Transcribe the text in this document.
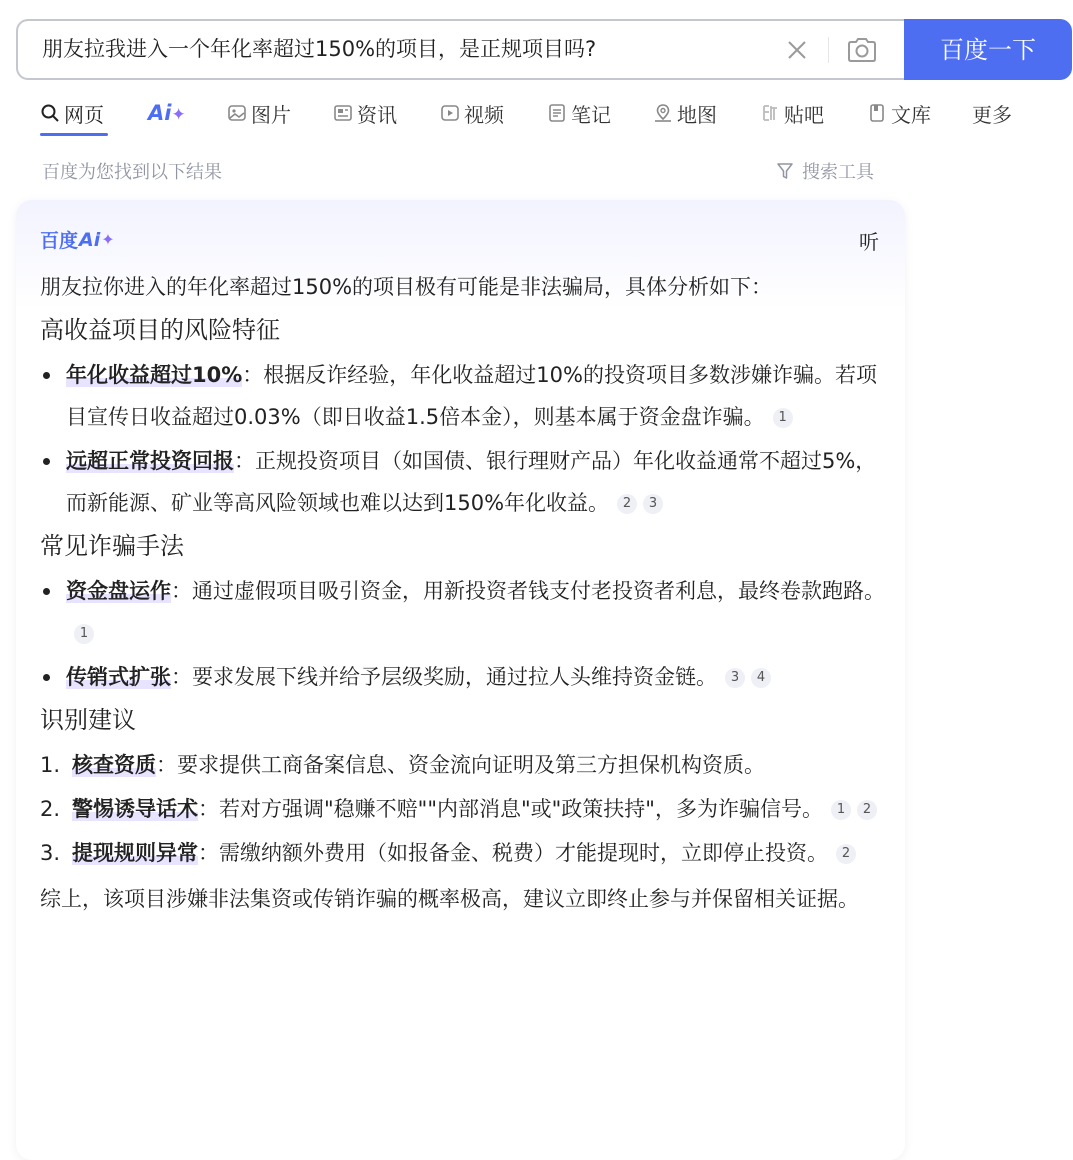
朋友拉我进入一个年化率超过150%的项目，是正规项目吗?	百度一下
网页 Ai✦	图片	资讯	视频	笔记	地图	贴吧	文库 更多
百度为您找到以下结果	搜索工具
百度 Ai ✦	听

朋友拉你进入的年化率超过150%的项目极有可能是非法骗局，具体分析如下：

高收益项目的风险特征

年化收益超过10%：根据反诈经验，年化收益超过10%的投资项目多数涉嫌诈骗。若项目宣传日收益超过0.03%（即日收益1.5倍本金），则基本属于资金盘诈骗。 1
远超正常投资回报：正规投资项目（如国债、银行理财产品）年化收益通常不超过5%，而新能源、矿业等高风险领域也难以达到150%年化收益。 2 3

常见诈骗手法

资金盘运作：通过虚假项目吸引资金，用新投资者钱支付老投资者利息，最终卷款跑路。1
传销式扩张：要求发展下线并给予层级奖励，通过拉人头维持资金链。 3 4

识别建议

1. 核查资质：要求提供工商备案信息、资金流向证明及第三方担保机构资质。
2. 警惕诱导话术：若对方强调"稳赚不赔""内部消息"或"政策扶持"，多为诈骗信号。 1 2
3. 提现规则异常：需缴纳额外费用（如报备金、税费）才能提现时，立即停止投资。 2

综上，该项目涉嫌非法集资或传销诈骗的概率极高，建议立即终止参与并保留相关证据。
